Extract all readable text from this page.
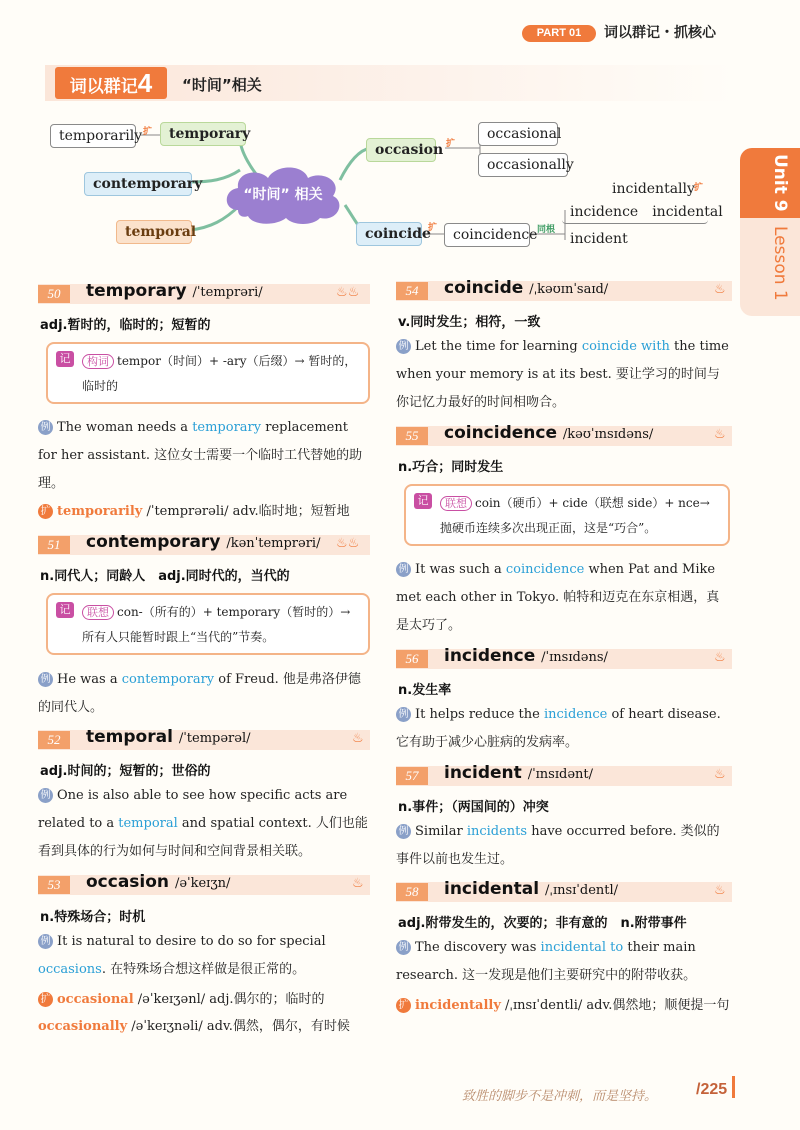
PART 01	词以群记・抓核心
词以群记4	“时间”相关
temporarily 扩	temporary
contemporary
temporal
“时间” 相关
occasion 扩
occasional
occasionally
coincide
扩	coincidence 同根
incidentally 扩
incidence　 incidental
incident
Unit 9
Lesson 1
50	temporary /ˈtemprəri/	♨♨
adj.暂时的，临时的；短暂的
记	构词 tempor（时间）+ -ary（后缀）→ 暂时的，临时的
例 The woman needs a temporary replacement for her assistant. 这位女士需要一个临时工代替她的助理。
扩 temporarily /ˈtemprərəli/ adv.临时地；短暂地
51	contemporary /kənˈtemprəri/ ♨♨
n.同代人；同龄人　adj.同时代的，当代的
记	联想 con-（所有的）+ temporary（暂时的）→所有人只能暂时跟上“当代的”节奏。
例 He was a contemporary of Freud. 他是弗洛伊德的同代人。
52	temporal /ˈtempərəl/	♨
adj.时间的；短暂的；世俗的
例 One is also able to see how specific acts are related to a temporal and spatial context. 人们也能看到具体的行为如何与时间和空间背景相关联。
53	occasion /əˈkeɪʒn/	♨
n.特殊场合；时机
例 It is natural to desire to do so for special occasions. 在特殊场合想这样做是很正常的。
扩 occasional /əˈkeɪʒənl/ adj.偶尔的；临时的
occasionally /əˈkeɪʒnəli/ adv.偶然，偶尔，有时候
54	coincide /ˌkəʊɪnˈsaɪd/	♨
v.同时发生；相符，一致
例 Let the time for learning coincide with the time when your memory is at its best. 要让学习的时间与你记忆力最好的时间相吻合。
55	coincidence /kəʊˈɪnsɪdəns/	♨
n.巧合；同时发生
记	联想 coin（硬币）+ cide（联想 side）+ nce→抛硬币连续多次出现正面，这是“巧合”。
例 It was such a coincidence when Pat and Mike met each other in Tokyo. 帕特和迈克在东京相遇，真是太巧了。
56	incidence /ˈɪnsɪdəns/	♨
n.发生率
例 It helps reduce the incidence of heart disease. 它有助于减少心脏病的发病率。
57	incident /ˈɪnsɪdənt/	♨
n.事件；（两国间的）冲突
例 Similar incidents have occurred before. 类似的事件以前也发生过。
58	incidental /ˌɪnsɪˈdentl/	♨
adj.附带发生的，次要的；非有意的　n.附带事件
例 The discovery was incidental to their main research. 这一发现是他们主要研究中的附带收获。
扩 incidentally /ˌɪnsɪˈdentli/ adv.偶然地；顺便提一句
致胜的脚步不是冲刺，而是坚持。 /225
